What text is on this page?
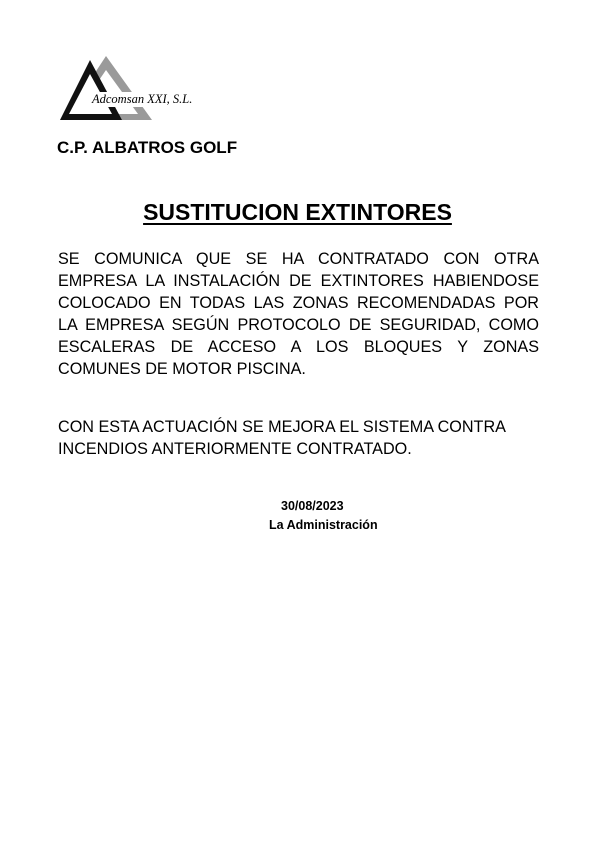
Adcomsan XXI, S.L.

C.P. ALBATROS GOLF

SUSTITUCION EXTINTORES

SE COMUNICA QUE SE HA CONTRATADO CON OTRA EMPRESA LA INSTALACIÓN DE EXTINTORES HABIENDOSE COLOCADO EN TODAS LAS ZONAS RECOMENDADAS POR LA EMPRESA SEGÚN PROTOCOLO DE SEGURIDAD, COMO ESCALERAS DE ACCESO A LOS BLOQUES Y ZONAS COMUNES DE MOTOR PISCINA.

CON ESTA ACTUACIÓN SE MEJORA EL SISTEMA CONTRA INCENDIOS ANTERIORMENTE CONTRATADO.

30/08/2023

La Administración
